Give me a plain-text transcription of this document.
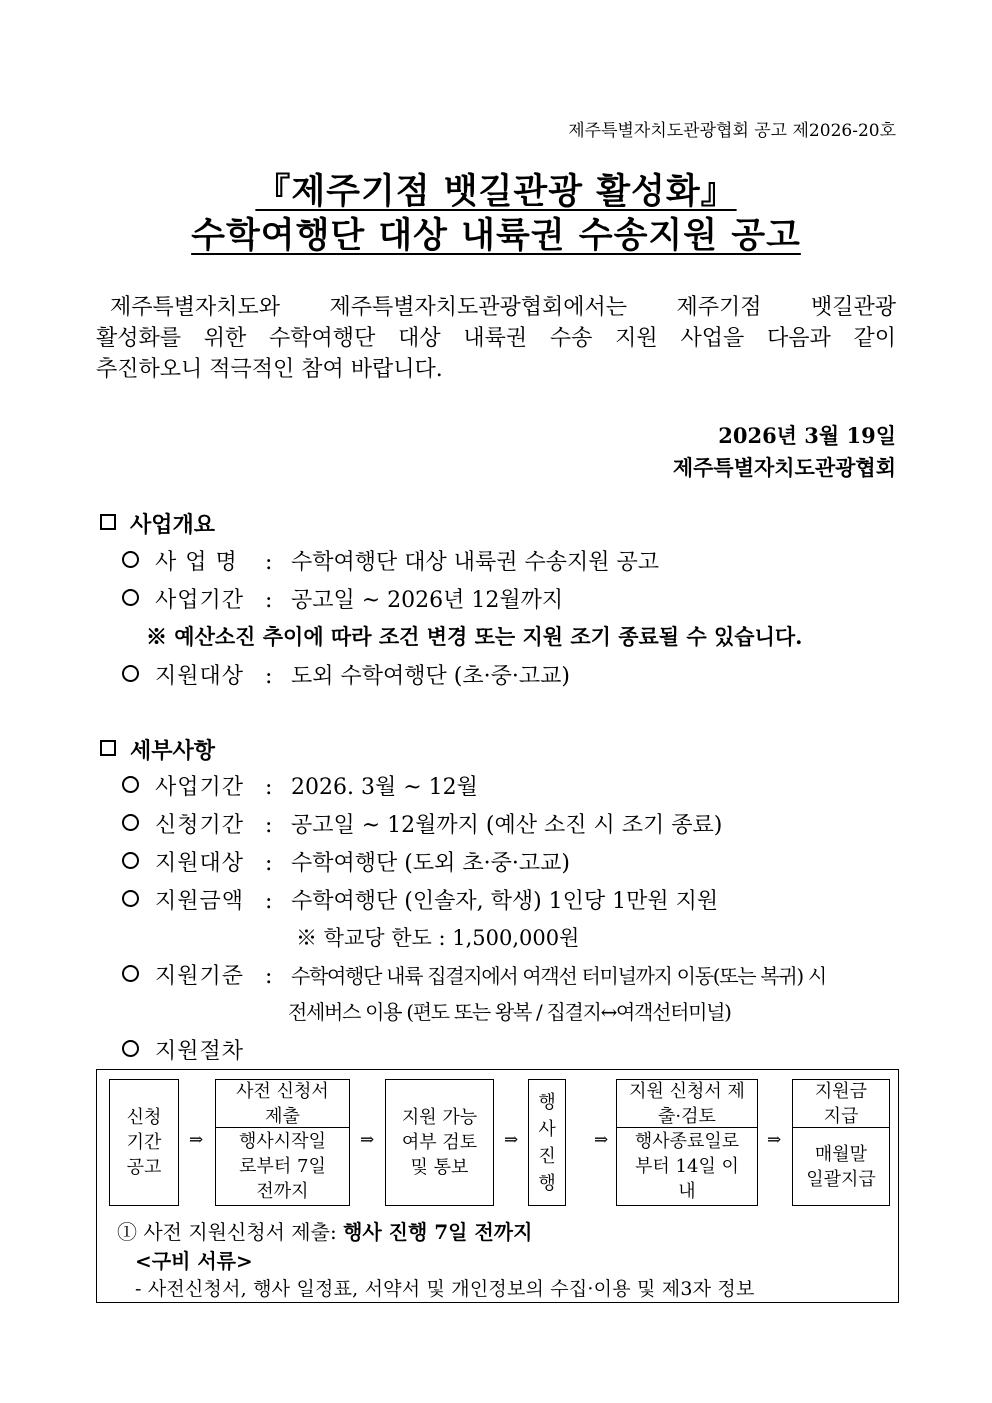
제주특별자치도관광협회 공고 제2026-20호
『제주기점 뱃길관광 활성화』
수학여행단 대상 내륙권 수송지원 공고

제주특별자치도와 제주특별자치도관광협회에서는 제주기점 뱃길관광

활성화를 위한 수학여행단 대상 내륙권 수송 지원 사업을 다음과 같이

추진하오니 적극적인 참여 바랍니다.

2026년 3월 19일
제주특별자치도관광협회
사업개요
사 업 명 : 수학여행단 대상 내륙권 수송지원 공고
사업기간 : 공고일 ~ 2026년 12월까지
※ 예산소진 추이에 따라 조건 변경 또는 지원 조기 종료될 수 있습니다.
지원대상 : 도외 수학여행단 (초·중·고교)
세부사항
사업기간 : 2026. 3월 ~ 12월
신청기간 : 공고일 ~ 12월까지 (예산 소진 시 조기 종료)
지원대상 : 수학여행단 (도외 초·중·고교)
지원금액 : 수학여행단 (인솔자, 학생) 1인당 1만원 지원
※ 학교당 한도 : 1,500,000원
지원기준 : 수학여행단 내륙 집결지에서 여객선 터미널까지 이동(또는 복귀) 시
전세버스 이용 (편도 또는 왕복 / 집결지↔여객선터미널)
지원절차
신청 기간 공고
⇒
사전 신청서 제출
행사시작일 로부터 7일 전까지
⇒
지원 가능 여부 검토 및 통보
⇒
행사진행
⇒
지원 신청서 제출·검토
행사종료일로 부터 14일 이내
⇒
지원금 지급
매월말 일괄지급
① 사전 지원신청서 제출: 행사 진행 7일 전까지
<구비 서류>
- 사전신청서, 행사 일정표, 서약서 및 개인정보의 수집·이용 및 제3자 정보
